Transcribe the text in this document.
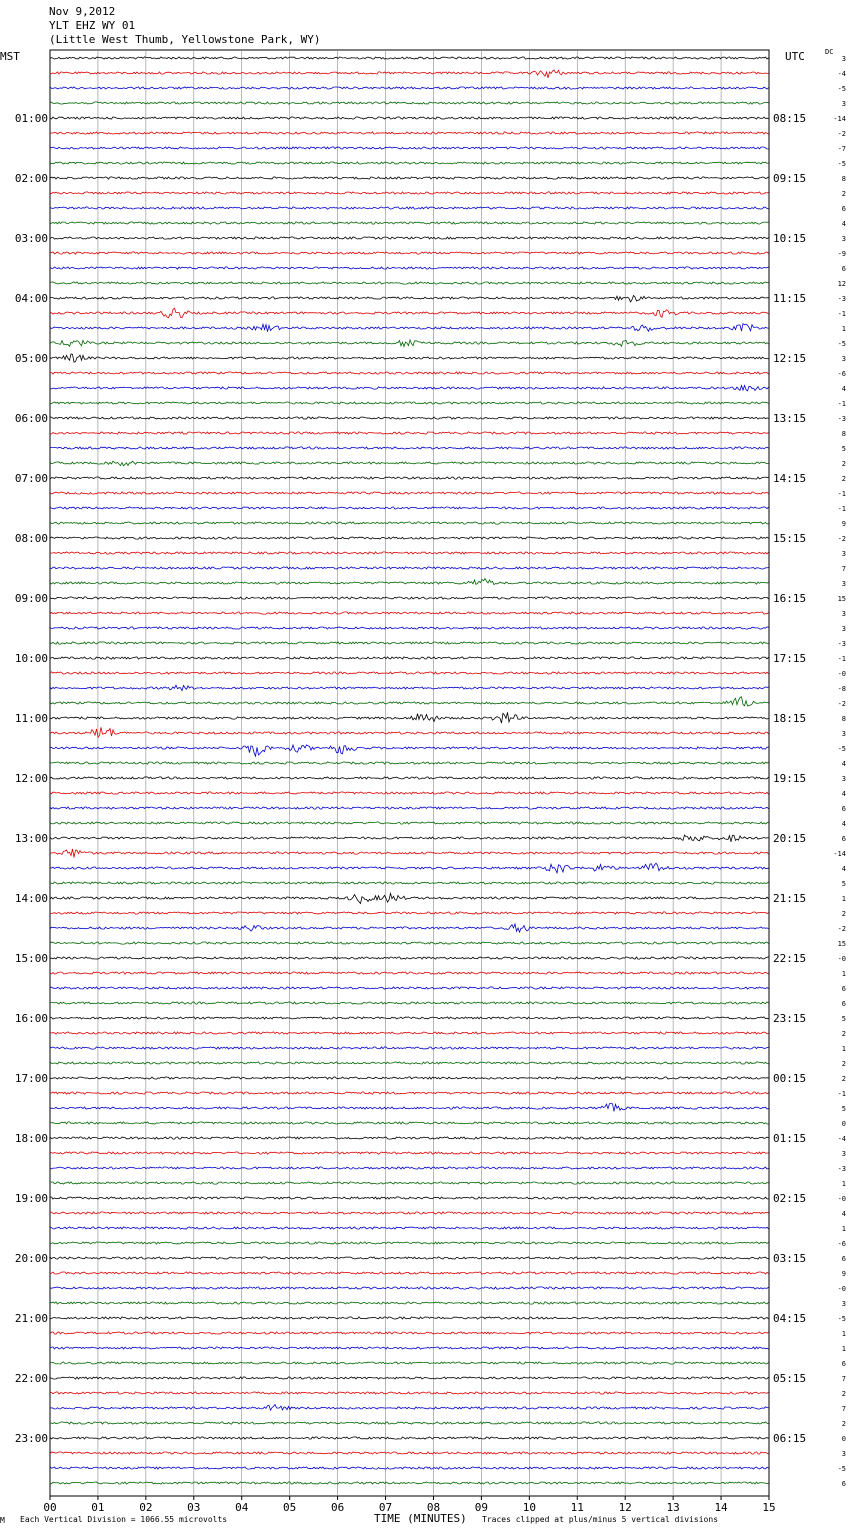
Nov 9,2012
YLT EHZ WY 01
(Little West Thumb, Yellowstone Park, WY)
MST	UTC	DC
01:00
02:00
03:00
04:00
05:00
06:00
07:00
08:00
09:00
10:00
11:00
12:00
13:00
14:00
15:00
16:00
17:00
18:00
19:00
20:00
21:00
22:00
23:00
08:15
09:15
10:15
11:15
12:15
13:15
14:15
15:15
16:15
17:15
18:15
19:15
20:15
21:15
22:15
23:15
00:15
01:15
02:15
03:15
04:15
05:15
06:15
3
-4
-5
3
-14
-2
-7
-5
8
2
6
4
3
-9
6
12
-3
-1
1
-5
3
-6
4
-1
-3
8
5
2
2
-1
-1
9
-2
3
7
3
15
3
3
-3
-1
-0
-8
-2
8
3
-5
4
3
4
6
4
6
-14
4
5
1
2
-2
15
-0
1
6
6
5
2
1
2
2
-1
5
0
-4
3
-3
1
-0
4
1
-6
6
9
-0
3
-5
1
1
6
7
2
7
2
0
3
-5
6
00	01	02	03	04	05	06	07	08	09	10	11	12	13	14	15
M Each Vertical Division = 1066.55 microvolts	TIME (MINUTES) Traces clipped at plus/minus 5 vertical divisions
